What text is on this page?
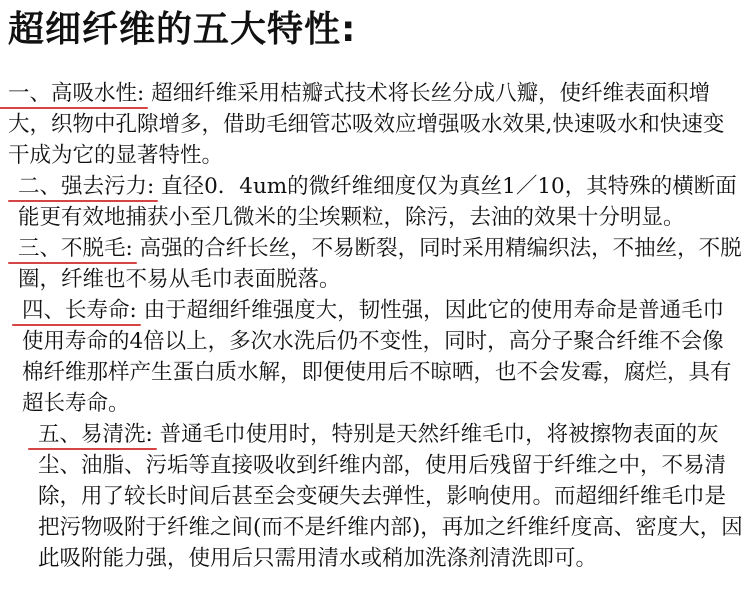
超细纤维的五大特性:

一、高吸水性: 超细纤维采用桔瓣式技术将长丝分成八瓣，使纤维表面积增大，织物中孔隙增多，借助毛细管芯吸效应增强吸水效果,快速吸水和快速变干成为它的显著特性。

二、强去污力: 直径0．4um的微纤维细度仅为真丝1／10，其特殊的横断面能更有效地捕获小至几微米的尘埃颗粒，除污，去油的效果十分明显。

三、不脱毛: 高强的合纤长丝，不易断裂，同时采用精编织法，不抽丝，不脱圈，纤维也不易从毛巾表面脱落。

四、长寿命: 由于超细纤维强度大，韧性强，因此它的使用寿命是普通毛巾使用寿命的4倍以上，多次水洗后仍不变性，同时，高分子聚合纤维不会像棉纤维那样产生蛋白质水解，即便使用后不晾晒，也不会发霉，腐烂，具有超长寿命。

五、易清洗: 普通毛巾使用时，特别是天然纤维毛巾，将被擦物表面的灰尘、油脂、污垢等直接吸收到纤维内部，使用后残留于纤维之中，不易清除，用了较长时间后甚至会变硬失去弹性，影响使用。而超细纤维毛巾是把污物吸附于纤维之间(而不是纤维内部)，再加之纤维纤度高、密度大，因此吸附能力强，使用后只需用清水或稍加洗涤剂清洗即可。
